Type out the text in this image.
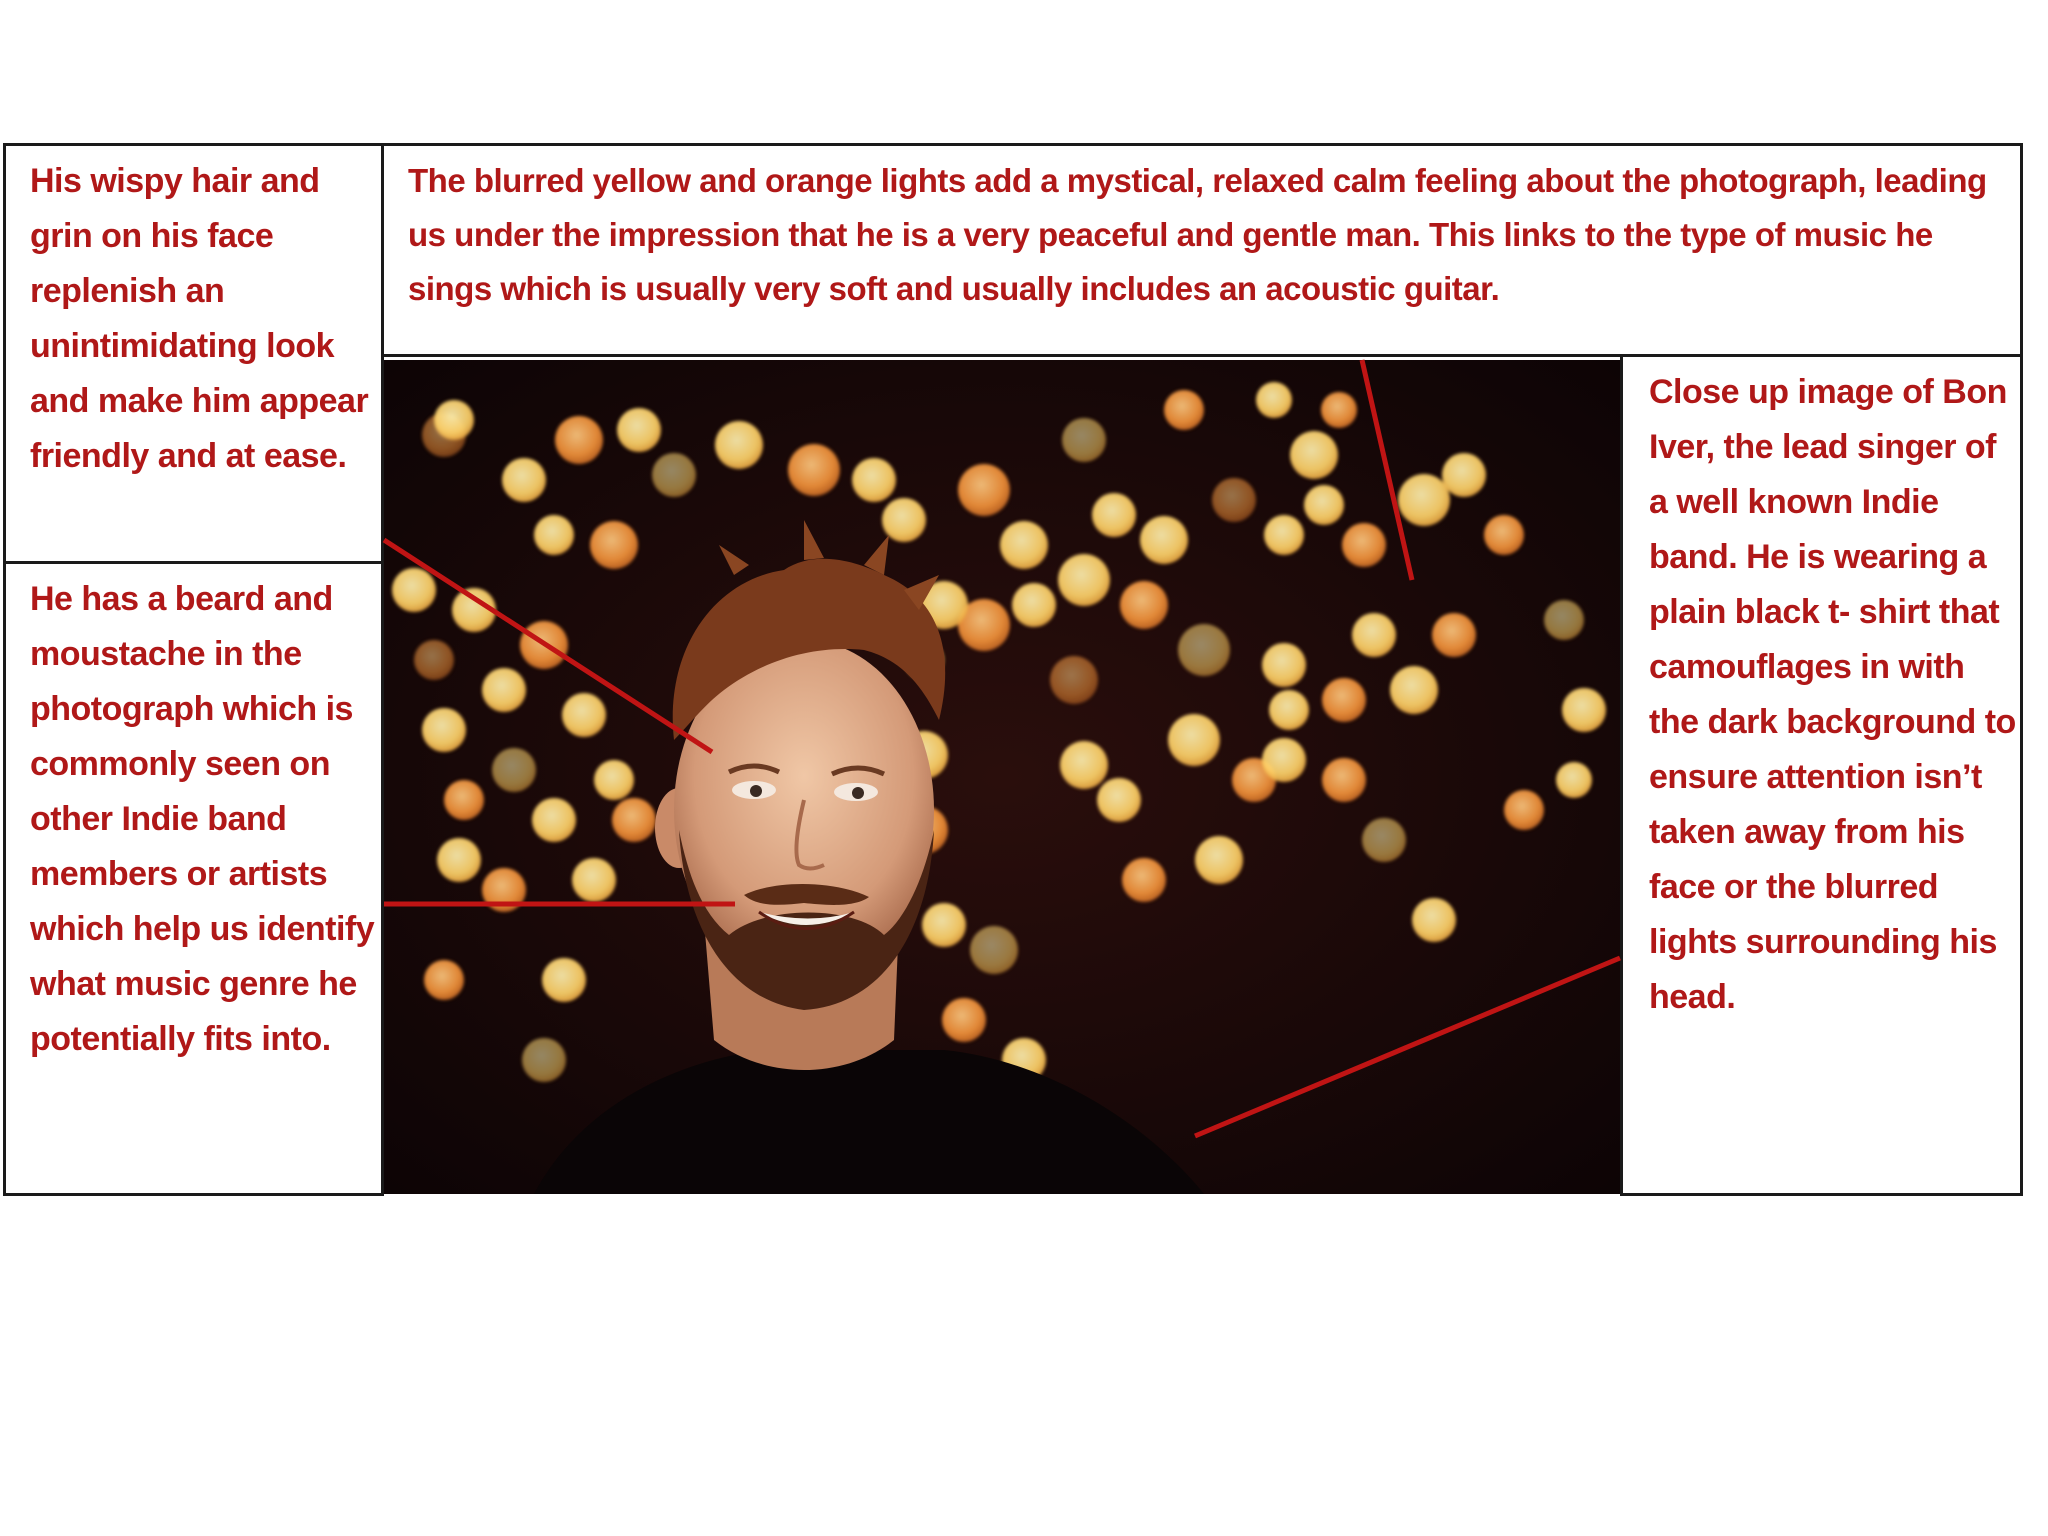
The blurred yellow and orange lights add a mystical, relaxed calm feeling about the photograph, leading us under the impression that he is a very peaceful and gentle man. This links to the type of music he sings which is usually very soft and usually includes an acoustic guitar.
His wispy hair and grin on his face replenish an unintimidating look and make him appear friendly and at ease.
He has a beard and moustache in the photograph which is commonly seen on other Indie band members or artists which help us identify what music genre he potentially fits into.
Close up image of Bon Iver, the lead singer of a well known Indie band. He is wearing a plain black t- shirt that camouflages in with the dark background to ensure attention isn’t taken away from his face or the blurred lights surrounding his head.
